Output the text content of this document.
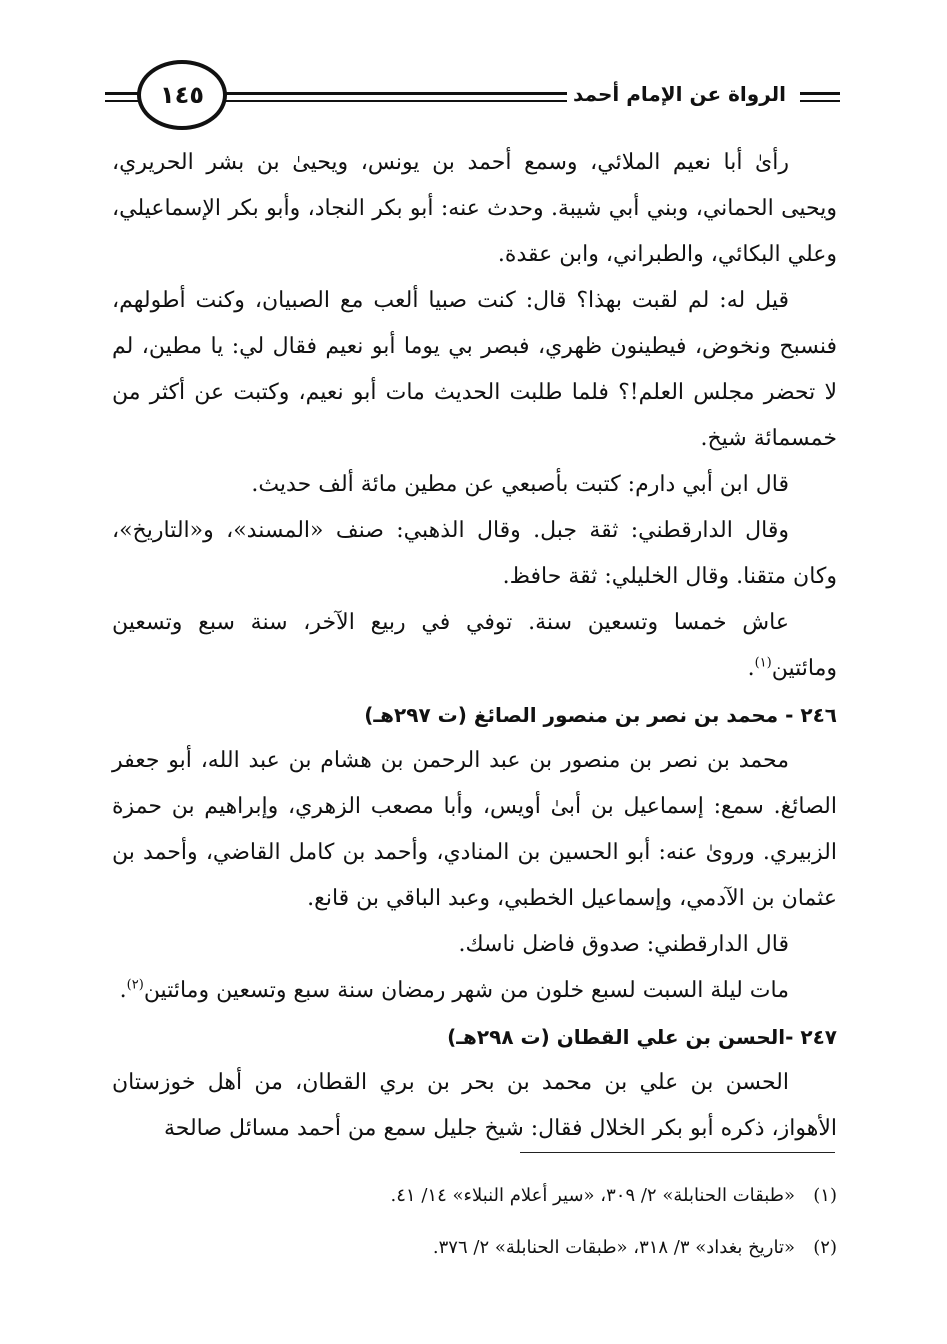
الرواة عن الإمام أحمد
١٤٥

رأىٰ أبا نعيم الملائي، وسمع أحمد بن يونس، ويحيىٰ بن بشر الحريري، ويحيى الحماني، وبني أبي شيبة. وحدث عنه: أبو بكر النجاد، وأبو بكر الإسماعيلي، وعلي البكائي، والطبراني، وابن عقدة.

قيل له: لم لقبت بهذا؟ قال: كنت صبيا ألعب مع الصبيان، وكنت أطولهم، فنسبح ونخوض، فيطينون ظهري، فبصر بي يوما أبو نعيم فقال لي: يا مطين، لم لا تحضر مجلس العلم!؟ فلما طلبت الحديث مات أبو نعيم، وكتبت عن أكثر من خمسمائة شيخ.

قال ابن أبي دارم: كتبت بأصبعي عن مطين مائة ألف حديث.

وقال الدارقطني: ثقة جبل. وقال الذهبي: صنف «المسند»، و«التاريخ»، وكان متقنا. وقال الخليلي: ثقة حافظ.

عاش خمسا وتسعين سنة. توفي في ربيع الآخر، سنة سبع وتسعين ومائتين$^{(١)}$.

٢٤٦ - محمد بن نصر بن منصور الصائغ (ت ٢٩٧هـ)

محمد بن نصر بن منصور بن عبد الرحمن بن هشام بن عبد الله، أبو جعفر الصائغ. سمع: إسماعيل بن أبىٰ أويس، وأبا مصعب الزهري، وإبراهيم بن حمزة الزبيري. وروىٰ عنه: أبو الحسين بن المنادي، وأحمد بن كامل القاضي، وأحمد بن عثمان بن الآدمي، وإسماعيل الخطبي، وعبد الباقي بن قانع.

قال الدارقطني: صدوق فاضل ناسك.

مات ليلة السبت لسبع خلون من شهر رمضان سنة سبع وتسعين ومائتين$^{(٢)}$.

٢٤٧ -الحسن بن علي القطان (ت ٢٩٨هـ)

الحسن بن علي بن محمد بن بحر بن بري القطان، من أهل خوزستان الأهواز، ذكره أبو بكر الخلال فقال: شيخ جليل سمع من أحمد مسائل صالحة

(١)«طبقات الحنابلة» ٢/ ٣٠٩، «سير أعلام النبلاء» ١٤/ ٤١.

(٢)«تاريخ بغداد» ٣/ ٣١٨، «طبقات الحنابلة» ٢/ ٣٧٦.
